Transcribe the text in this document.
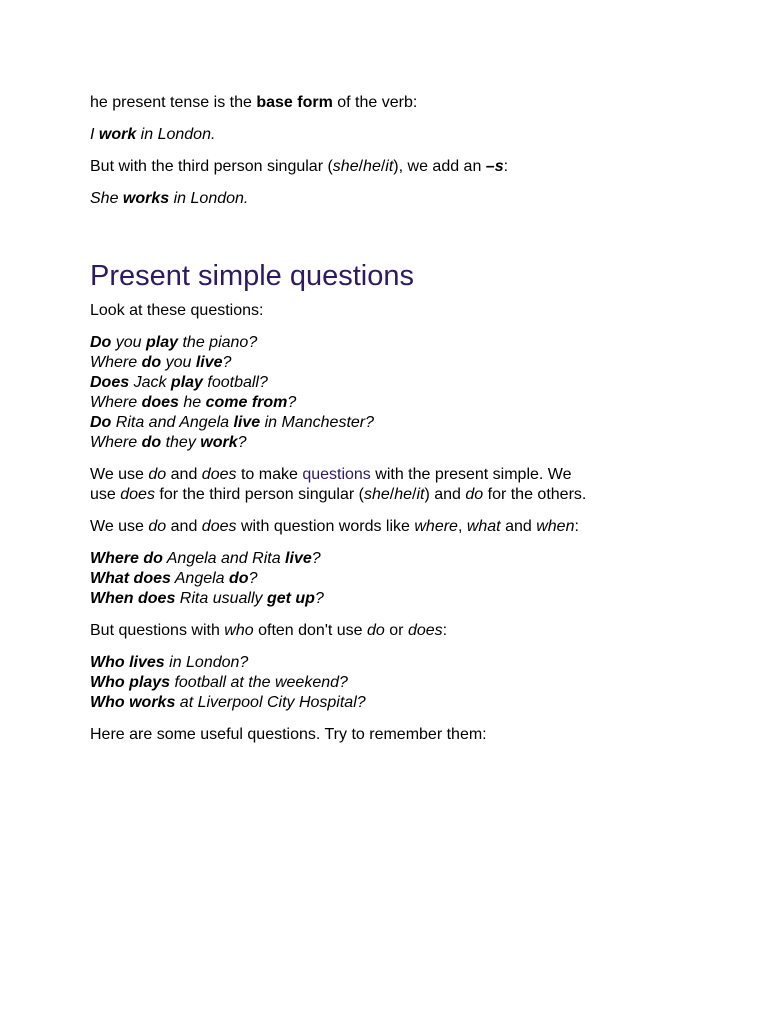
he present tense is the base form of the verb:

I work in London.

But with the third person singular (she/he/it), we add an –s:

She works in London.

Present simple questions

Look at these questions:

Do you play the piano?
Where do you live?
Does Jack play football?
Where does he come from?
Do Rita and Angela live in Manchester?
Where do they work?

We use do and does to make questions with the present simple. We
use does for the third person singular (she/he/it) and do for the others.

We use do and does with question words like where, what and when:

Where do Angela and Rita live?
What does Angela do?
When does Rita usually get up?

But questions with who often don't use do or does:

Who lives in London?
Who plays football at the weekend?
Who works at Liverpool City Hospital?

Here are some useful questions. Try to remember them:
